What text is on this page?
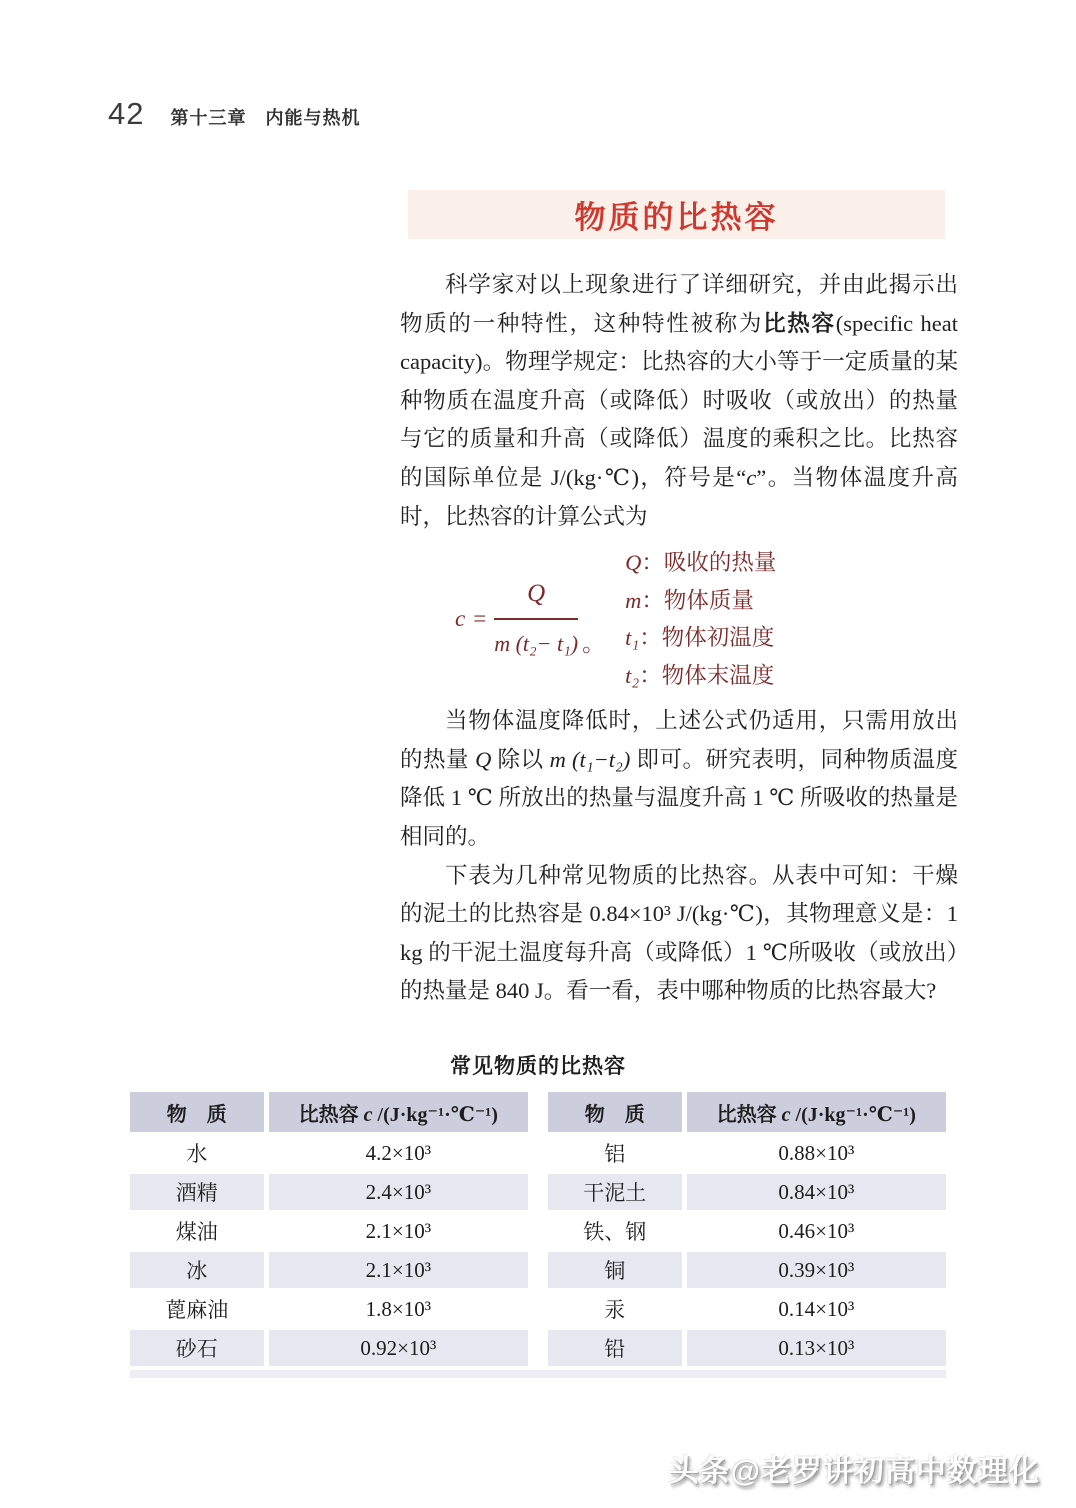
42 第十三章　内能与热机
物质的比热容

科学家对以上现象进行了详细研究，并由此揭示出物质的一种特性，这种特性被称为比热容(specific heat capacity)。物理学规定：比热容的大小等于一定质量的某种物质在温度升高（或降低）时吸收（或放出）的热量与它的质量和升高（或降低）温度的乘积之比。比热容的国际单位是 J/(kg·℃)，符号是“c”。当物体温度升高时，比热容的计算公式为

$c = \frac{Q}{\text{m (t₂− t₁)}}$ 。
Q：吸收的热量
m：物体质量
t₁：物体初温度
t₂：物体末温度

当物体温度降低时，上述公式仍适用，只需用放出的热量 Q 除以 m (t₁−t₂) 即可。研究表明，同种物质温度降低 1 ℃ 所放出的热量与温度升高 1 ℃ 所吸收的热量是相同的。

下表为几种常见物质的比热容。从表中可知：干燥的泥土的比热容是 0.84×10³ J/(kg·℃)，其物理意义是：1 kg 的干泥土温度每升高（或降低）1 ℃所吸收（或放出）的热量是 840 J。看一看，表中哪种物质的比热容最大?

常见物质的比热容
物　质	比热容 c /(J·kg⁻¹·℃⁻¹)
水	4.2×10³
酒精	2.4×10³
煤油	2.1×10³
冰	2.1×10³
蓖麻油	1.8×10³
砂石	0.92×10³
物　质	比热容 c /(J·kg⁻¹·℃⁻¹)
铝	0.88×10³
干泥土	0.84×10³
铁、钢	0.46×10³
铜	0.39×10³
汞	0.14×10³
铅	0.13×10³
头条@老罗讲初高中数理化
